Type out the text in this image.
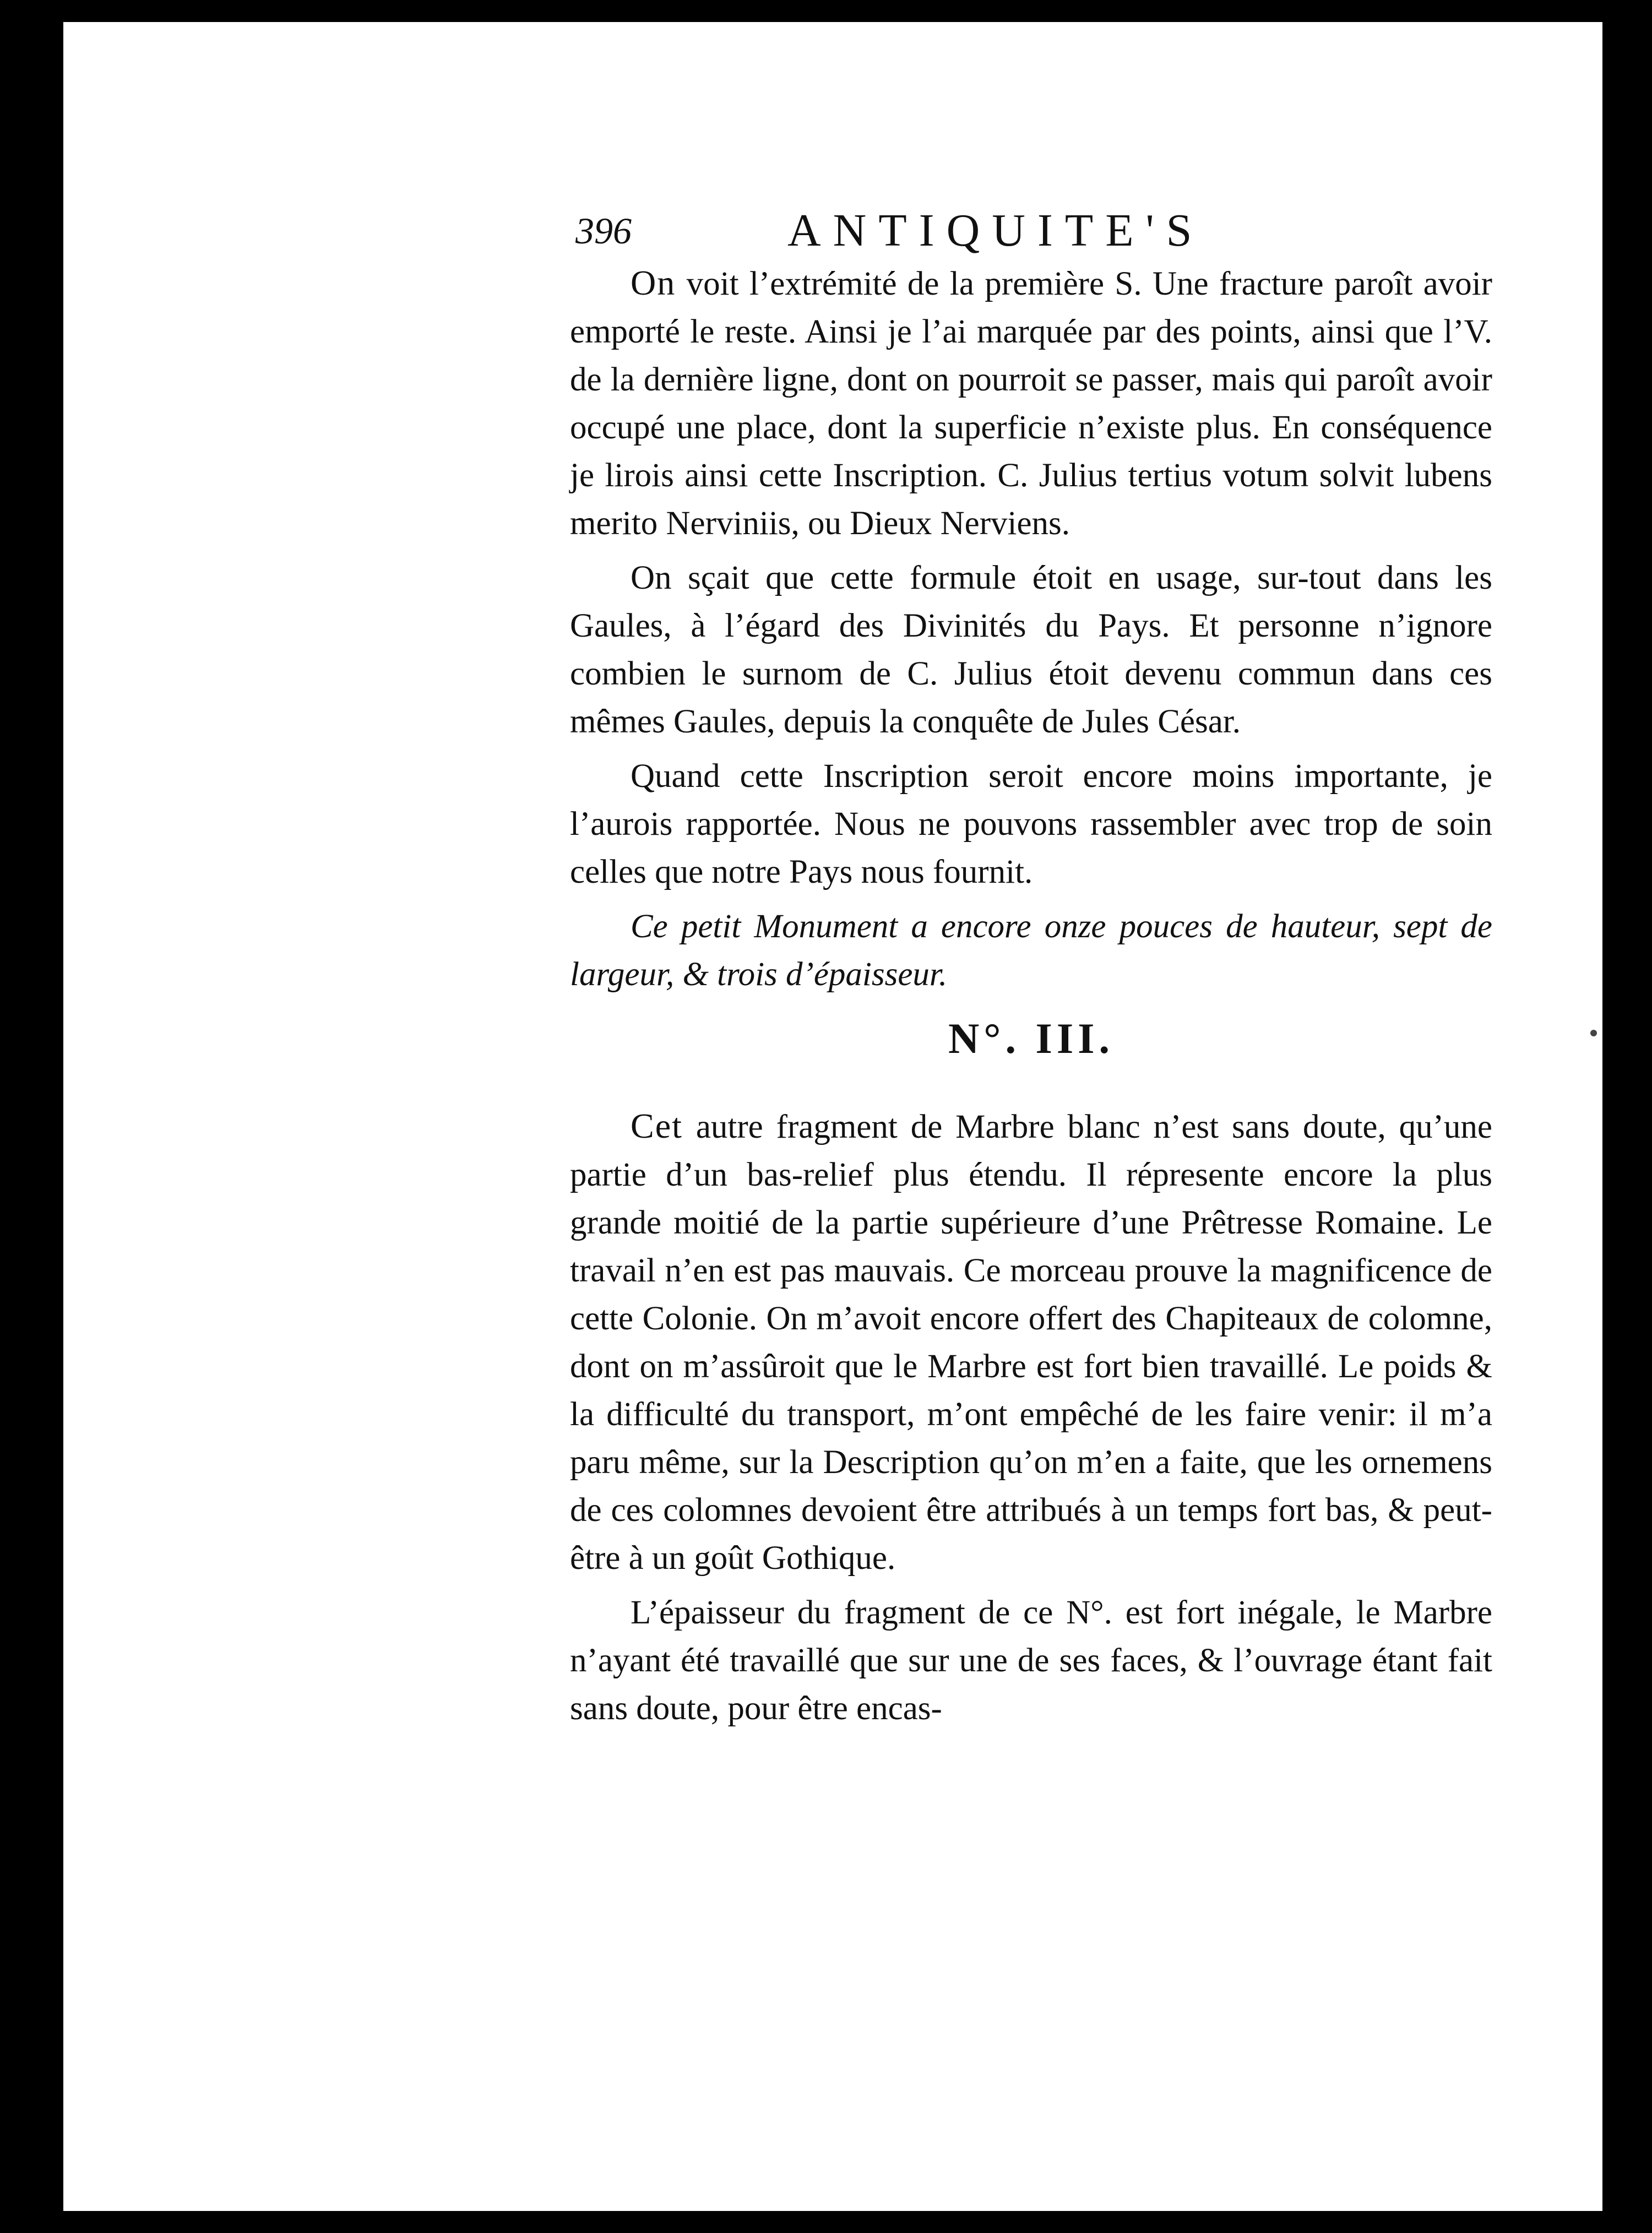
396	ANTIQUITE'S

On voit l’extrémité de la première S. Une fracture paroît avoir emporté le reste. Ainsi je l’ai marquée par des points, ainsi que l’V. de la dernière ligne, dont on pourroit se passer, mais qui paroît avoir occupé une place, dont la superficie n’existe plus. En conséquence je lirois ainsi cette Inscription. C. Julius tertius votum solvit lubens merito Nerviniis, ou Dieux Nerviens.

On sçait que cette formule étoit en usage, sur-tout dans les Gaules, à l’égard des Divinités du Pays. Et personne n’ignore combien le surnom de C. Julius étoit devenu commun dans ces mêmes Gaules, depuis la conquête de Jules César.

Quand cette Inscription seroit encore moins importante, je l’aurois rapportée. Nous ne pouvons rassembler avec trop de soin celles que notre Pays nous fournit.

Ce petit Monument a encore onze pouces de hauteur, sept de largeur, & trois d’épaisseur.

N°. III.

Cet autre fragment de Marbre blanc n’est sans doute, qu’une partie d’un bas-relief plus étendu. Il répresente encore la plus grande moitié de la partie supérieure d’une Prêtresse Romaine. Le travail n’en est pas mauvais. Ce morceau prouve la magnificence de cette Colonie. On m’avoit encore offert des Chapiteaux de colomne, dont on m’assûroit que le Marbre est fort bien travaillé. Le poids & la difficulté du transport, m’ont empêché de les faire venir: il m’a paru même, sur la Description qu’on m’en a faite, que les ornemens de ces colomnes devoient être attribués à un temps fort bas, & peut-être à un goût Gothique.

L’épaisseur du fragment de ce N°. est fort inégale, le Marbre n’ayant été travaillé que sur une de ses faces, & l’ouvrage étant fait sans doute, pour être encas-
